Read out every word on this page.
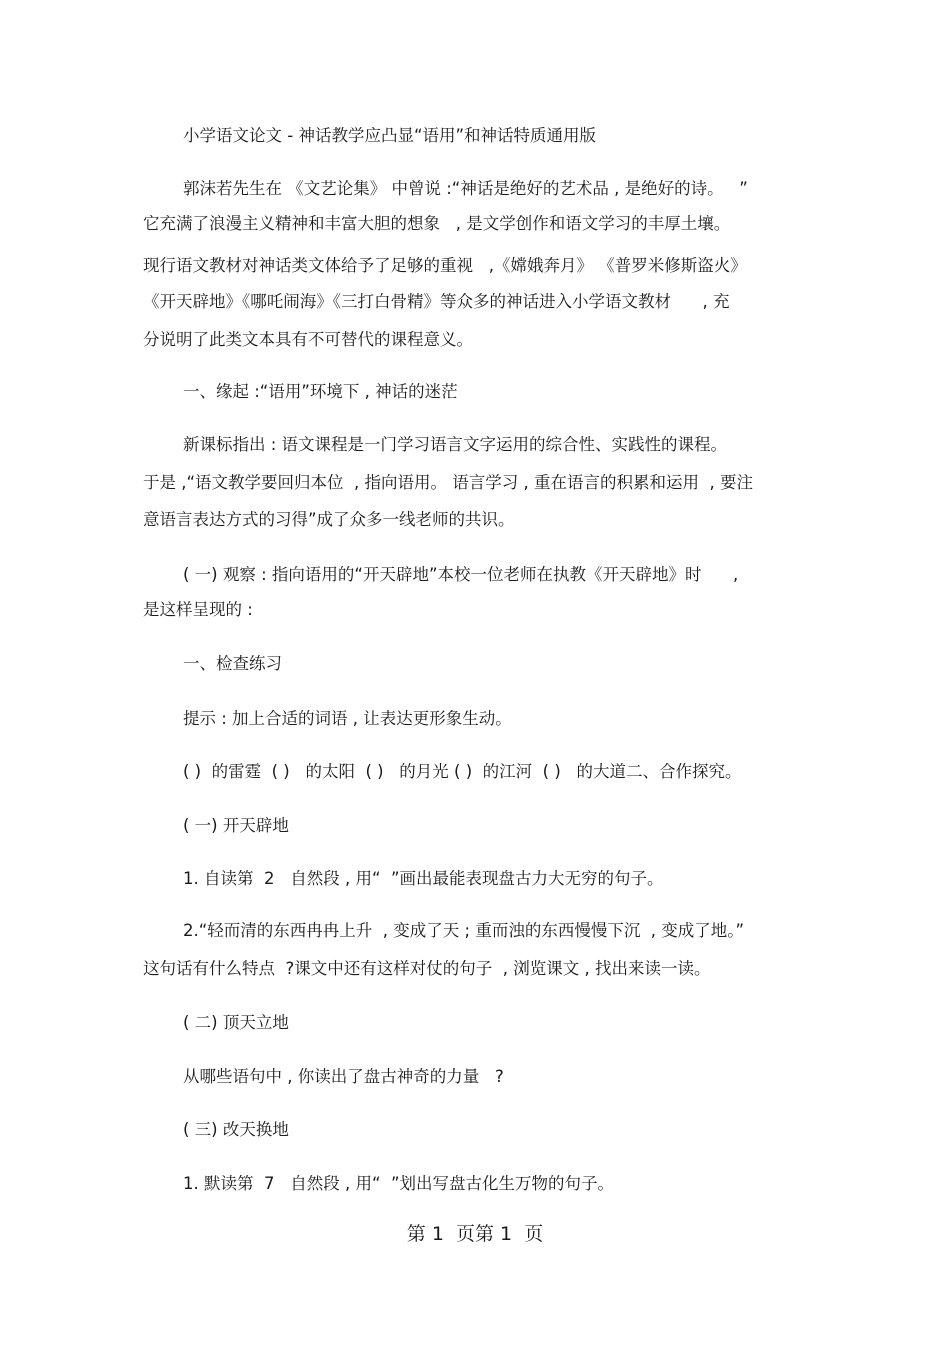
小学语文论文 - 神话教学应凸显“语用”和神话特质通用版

郭沫若先生在 《文艺论集》 中曾说 :“神话是绝好的艺术品 , 是绝好的诗。   ”

它充满了浪漫主义精神和丰富大胆的想象   , 是文学创作和语文学习的丰厚土壤。

现行语文教材对神话类文体给予了足够的重视   ,《嫦娥奔月》 《普罗米修斯盗火》

《开天辟地》《哪吒闹海》《三打白骨精》等众多的神话进入小学语文教材      , 充

分说明了此类文本具有不可替代的课程意义。

一、缘起 :“语用”环境下 , 神话的迷茫

新课标指出 : 语文课程是一门学习语言文字运用的综合性、实践性的课程。

于是 ,“语文教学要回归本位  , 指向语用。 语言学习 , 重在语言的积累和运用  , 要注

意语言表达方式的习得”成了众多一线老师的共识。

( 一) 观察 : 指向语用的“开天辟地”本校一位老师在执教《开天辟地》时      ,

是这样呈现的 :

一、检查练习

提示 : 加上合适的词语 , 让表达更形象生动。

( )  的雷霆  ( )   的太阳  ( )   的月光 ( )  的江河  ( )   的大道二、合作探究。

( 一) 开天辟地

1. 自读第  2   自然段 , 用“  ”画出最能表现盘古力大无穷的句子。

2.“轻而清的东西冉冉上升  , 变成了天 ; 重而浊的东西慢慢下沉  , 变成了地。”

这句话有什么特点  ?课文中还有这样对仗的句子  , 浏览课文 , 找出来读一读。

( 二) 顶天立地

从哪些语句中 , 你读出了盘古神奇的力量   ?

( 三) 改天换地

1. 默读第  7   自然段 , 用“  ”划出写盘古化生万物的句子。

第 1  页第 1  页
